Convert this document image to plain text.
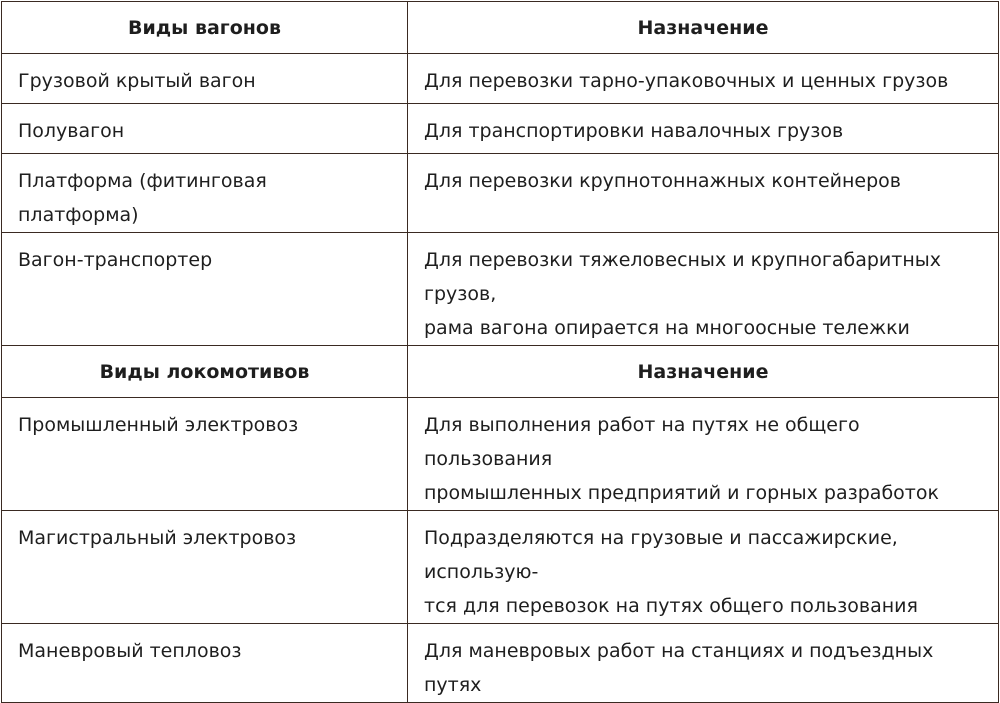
Виды вагонов	Назначение
Грузовой крытый вагон	Для перевозки тарно-упаковочных и ценных грузов

Полувагон	Для транспортировки навалочных грузов

Платформа (фитинговая платформа)	Для перевозки крупнотоннажных контейнеров

Вагон-транспортер	Для перевозки тяжеловесных и крупногабаритных грузов,
рама вагона опирается на многоосные тележки

Виды локомотивов	Назначение
Промышленный электровоз	Для выполнения работ на путях не общего пользования
промышленных предприятий и горных разработок

Магистральный электровоз	Подразделяются на грузовые и пассажирские, использую-
тся для перевозок на путях общего пользования

Маневровый тепловоз	Для маневровых работ на станциях и подъездных путях
